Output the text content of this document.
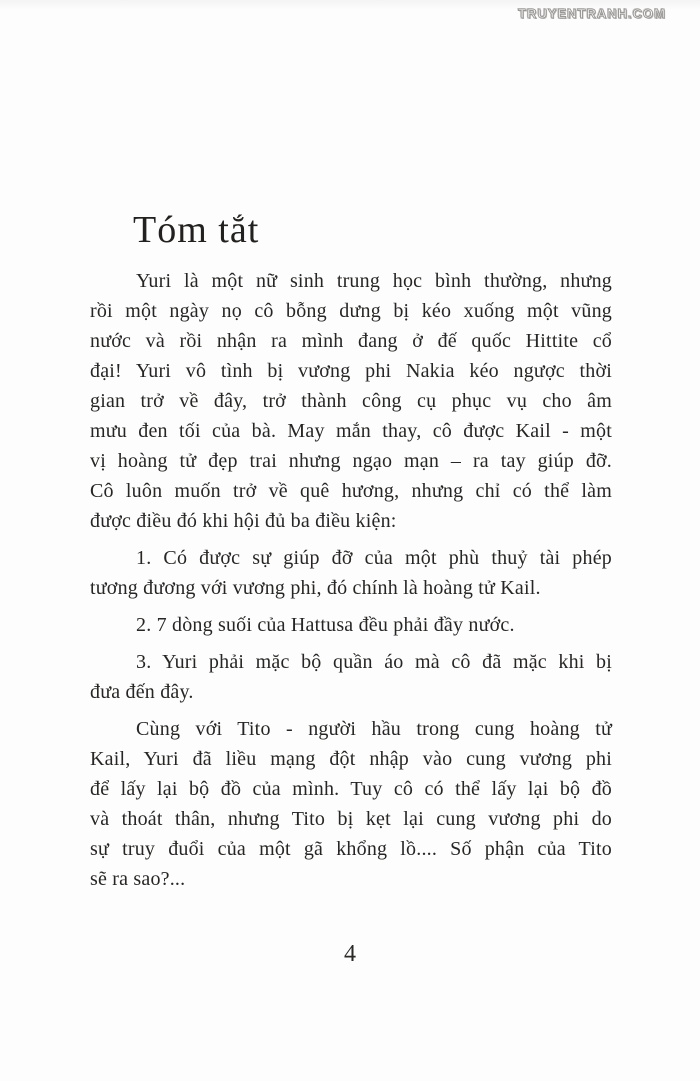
TRUYENTRANH.COM
Tóm tắt
Yuri là một nữ sinh trung học bình thường, nhưng
rồi một ngày nọ cô bỗng dưng bị kéo xuống một vũng
nước và rồi nhận ra mình đang ở đế quốc Hittite cổ
đại! Yuri vô tình bị vương phi Nakia kéo ngược thời
gian trở về đây, trở thành công cụ phục vụ cho âm
mưu đen tối của bà. May mắn thay, cô được Kail - một
vị hoàng tử đẹp trai nhưng ngạo mạn – ra tay giúp đỡ.
Cô luôn muốn trở về quê hương, nhưng chỉ có thể làm
được điều đó khi hội đủ ba điều kiện:
1. Có được sự giúp đỡ của một phù thuỷ tài phép
tương đương với vương phi, đó chính là hoàng tử Kail.
2. 7 dòng suối của Hattusa đều phải đầy nước.
3. Yuri phải mặc bộ quần áo mà cô đã mặc khi bị
đưa đến đây.
Cùng với Tito - người hầu trong cung hoàng tử
Kail, Yuri đã liều mạng đột nhập vào cung vương phi
để lấy lại bộ đồ của mình. Tuy cô có thể lấy lại bộ đồ
và thoát thân, nhưng Tito bị kẹt lại cung vương phi do
sự truy đuổi của một gã khổng lồ.... Số phận của Tito
sẽ ra sao?...
4
